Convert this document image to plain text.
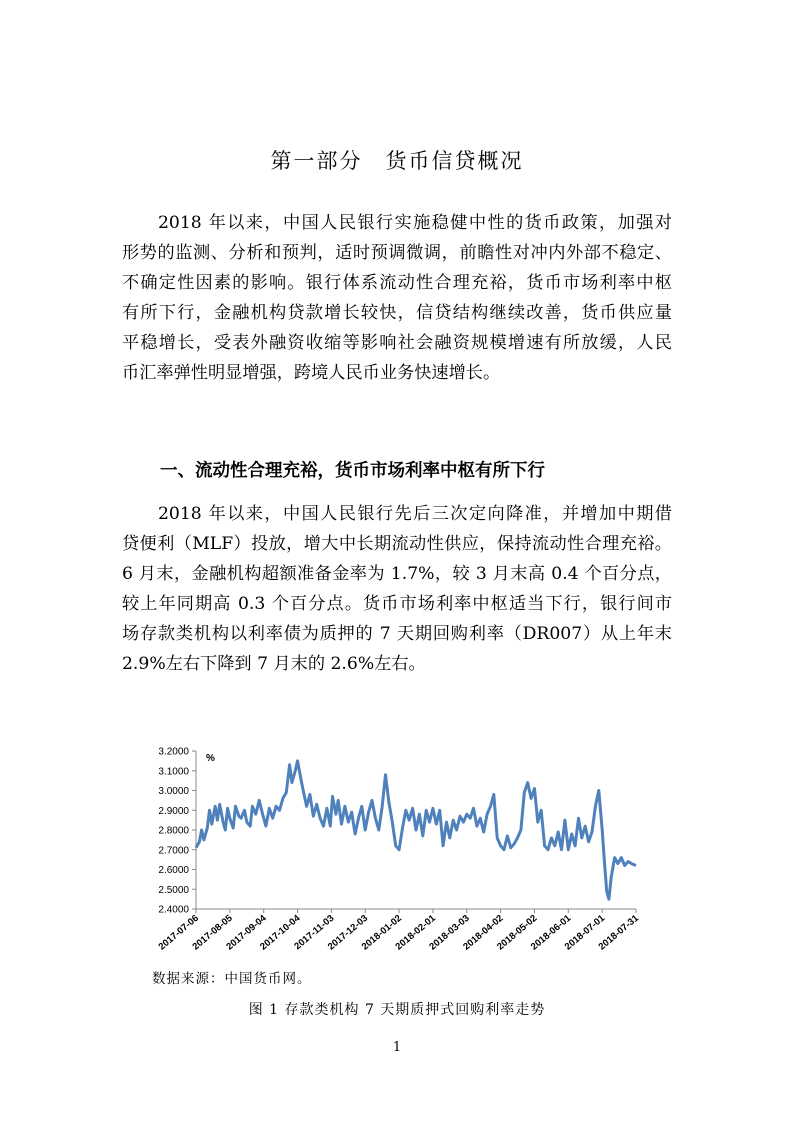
第一部分　货币信贷概况
2018 年以来，中国人民银行实施稳健中性的货币政策，加强对
形势的监测、分析和预判，适时预调微调，前瞻性对冲内外部不稳定、
不确定性因素的影响。银行体系流动性合理充裕，货币市场利率中枢
有所下行，金融机构贷款增长较快，信贷结构继续改善，货币供应量
平稳增长，受表外融资收缩等影响社会融资规模增速有所放缓，人民
币汇率弹性明显增强，跨境人民币业务快速增长。
一、流动性合理充裕，货币市场利率中枢有所下行
2018 年以来，中国人民银行先后三次定向降准，并增加中期借
贷便利（MLF）投放，增大中长期流动性供应，保持流动性合理充裕。
6 月末，金融机构超额准备金率为 1.7%，较 3 月末高 0.4 个百分点，
较上年同期高 0.3 个百分点。货币市场利率中枢适当下行，银行间市
场存款类机构以利率债为质押的 7 天期回购利率（DR007）从上年末
2.9%左右下降到 7 月末的 2.6%左右。
2.4000
2.5000
2.6000
2.7000
2.8000
2.9000
3.0000
3.1000
3.2000
2017-07-06
2017-08-05
2017-09-04
2017-10-04
2017-11-03
2017-12-03
2018-01-02
2018-02-01
2018-03-03
2018-04-02
2018-05-02
2018-06-01
2018-07-01
2018-07-31
%
数据来源：中国货币网。
图 1 存款类机构 7 天期质押式回购利率走势
1
